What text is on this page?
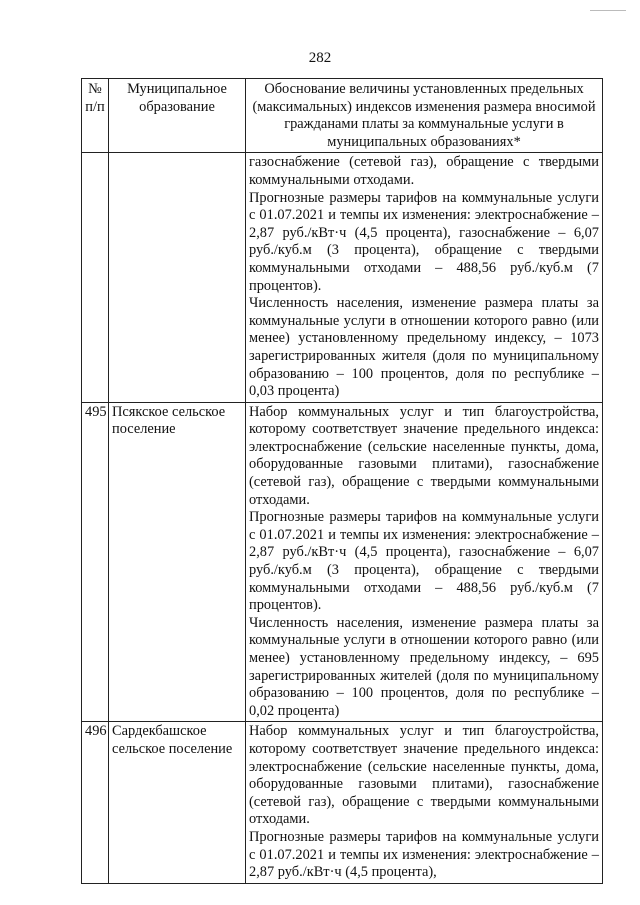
282
№ п/п	Муниципальное образование	Обоснование величины установленных предельных (максимальных) индексов изменения размера вносимой гражданами платы за коммунальные услуги в муниципальных образованиях*

		газоснабжение (сетевой газ), обращение с твердыми коммунальными отходами.

Прогнозные размеры тарифов на коммунальные услуги с 01.07.2021 и темпы их изменения: электроснабжение – 2,87 руб./кВт·ч (4,5 процента), газоснабжение – 6,07 руб./куб.м (3 процента), обращение с твердыми коммунальными отходами – 488,56 руб./куб.м (7 процентов).

Численность населения, изменение размера платы за коммунальные услуги в отношении которого равно (или менее) установленному предельному индексу, – 1073 зарегистрированных жителя (доля по муниципальному образованию – 100 процентов, доля по республике – 0,03 процента)

495	Псякское сельское поселение	Набор коммунальных услуг и тип благоустройства, которому соответствует значение предельного индекса: электроснабжение (сельские населенные пункты, дома, оборудованные газовыми плитами), газоснабжение (сетевой газ), обращение с твердыми коммунальными отходами.

Прогнозные размеры тарифов на коммунальные услуги с 01.07.2021 и темпы их изменения: электроснабжение – 2,87 руб./кВт·ч (4,5 процента), газоснабжение – 6,07 руб./куб.м (3 процента), обращение с твердыми коммунальными отходами – 488,56 руб./куб.м (7 процентов).

Численность населения, изменение размера платы за коммунальные услуги в отношении которого равно (или менее) установленному предельному индексу, – 695 зарегистрированных жителей (доля по муниципальному образованию – 100 процентов, доля по республике – 0,02 процента)

496	Сардекбашское сельское поселение	Набор коммунальных услуг и тип благоустройства, которому соответствует значение предельного индекса: электроснабжение (сельские населенные пункты, дома, оборудованные газовыми плитами), газоснабжение (сетевой газ), обращение с твердыми коммунальными отходами.

Прогнозные размеры тарифов на коммунальные услуги с 01.07.2021 и темпы их изменения: электроснабжение – 2,87 руб./кВт·ч (4,5 процента),
